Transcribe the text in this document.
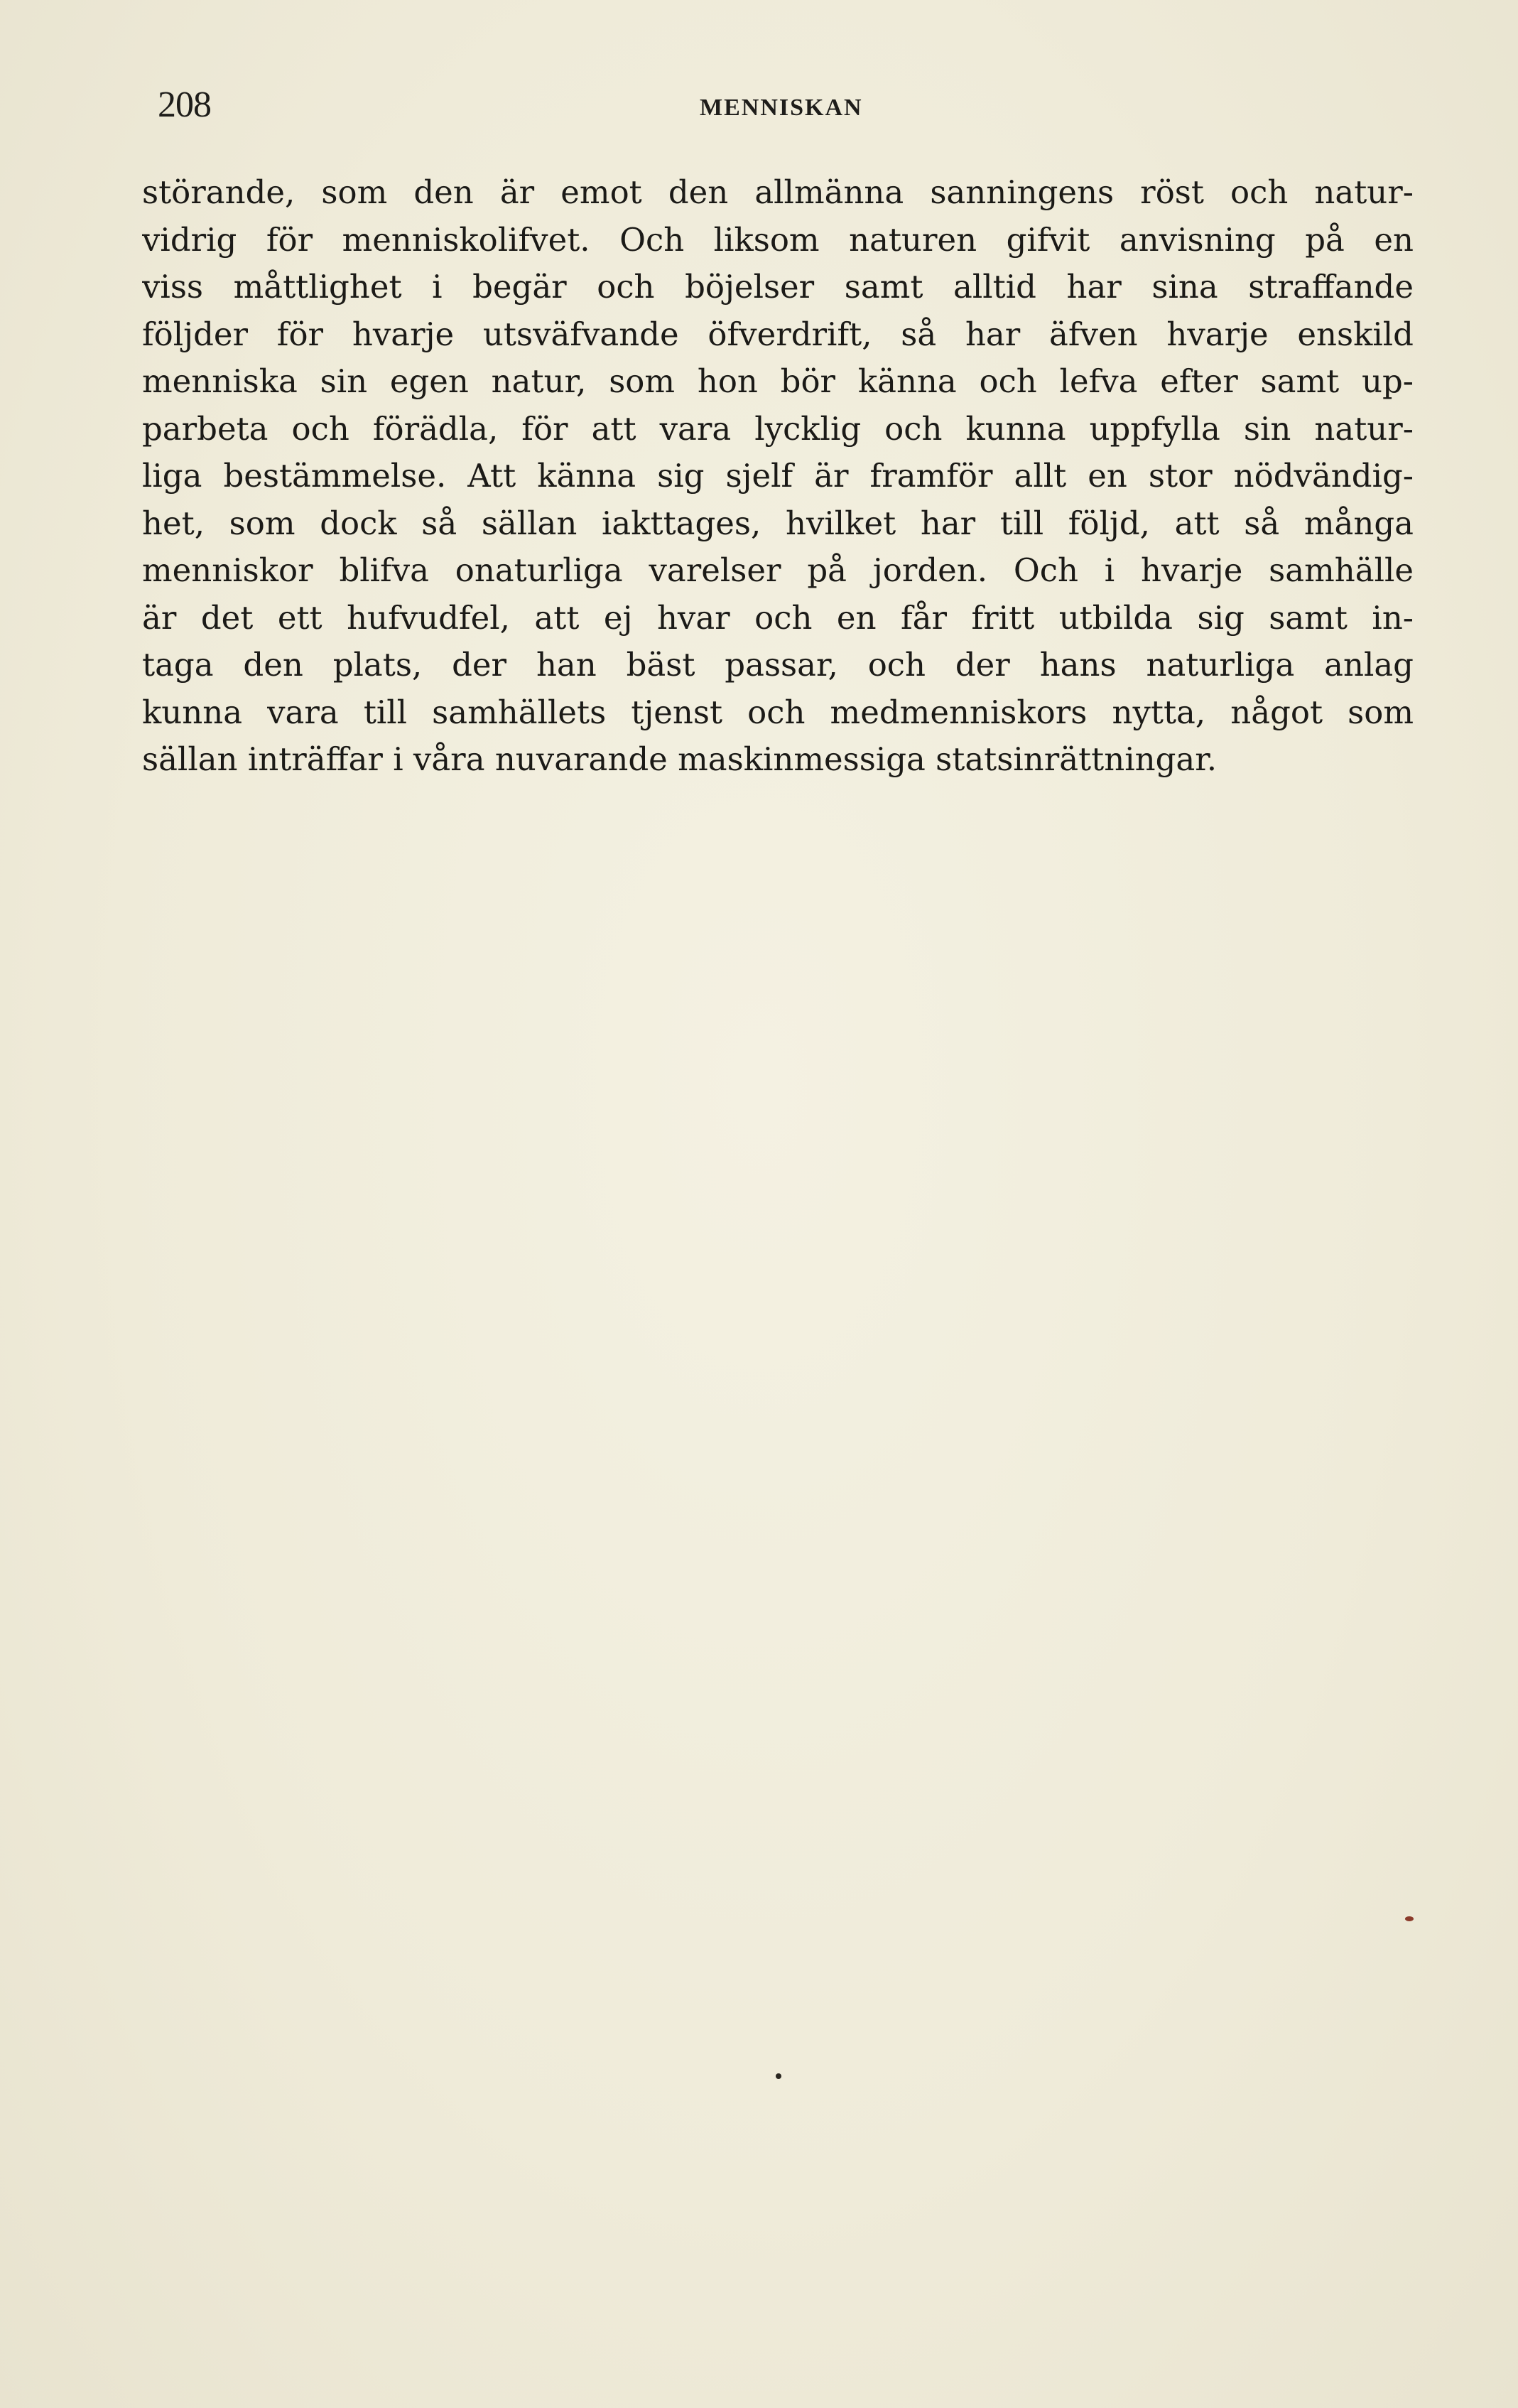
208	MENNISKAN
störande, som den är emot den allmänna sanningens röst och natur-
vidrig för menniskolifvet. Och liksom naturen gifvit anvisning på en
viss måttlighet i begär och böjelser samt alltid har sina straffande
följder för hvarje utsväfvande öfverdrift, så har äfven hvarje enskild
menniska sin egen natur, som hon bör känna och lefva efter samt up-
parbeta och förädla, för att vara lycklig och kunna uppfylla sin natur-
liga bestämmelse. Att känna sig sjelf är framför allt en stor nödvändig-
het, som dock så sällan iakttages, hvilket har till följd, att så många
menniskor blifva onaturliga varelser på jorden. Och i hvarje samhälle
är det ett hufvudfel, att ej hvar och en får fritt utbilda sig samt in-
taga den plats, der han bäst passar, och der hans naturliga anlag
kunna vara till samhällets tjenst och medmenniskors nytta, något som
sällan inträffar i våra nuvarande maskinmessiga statsinrättningar.
